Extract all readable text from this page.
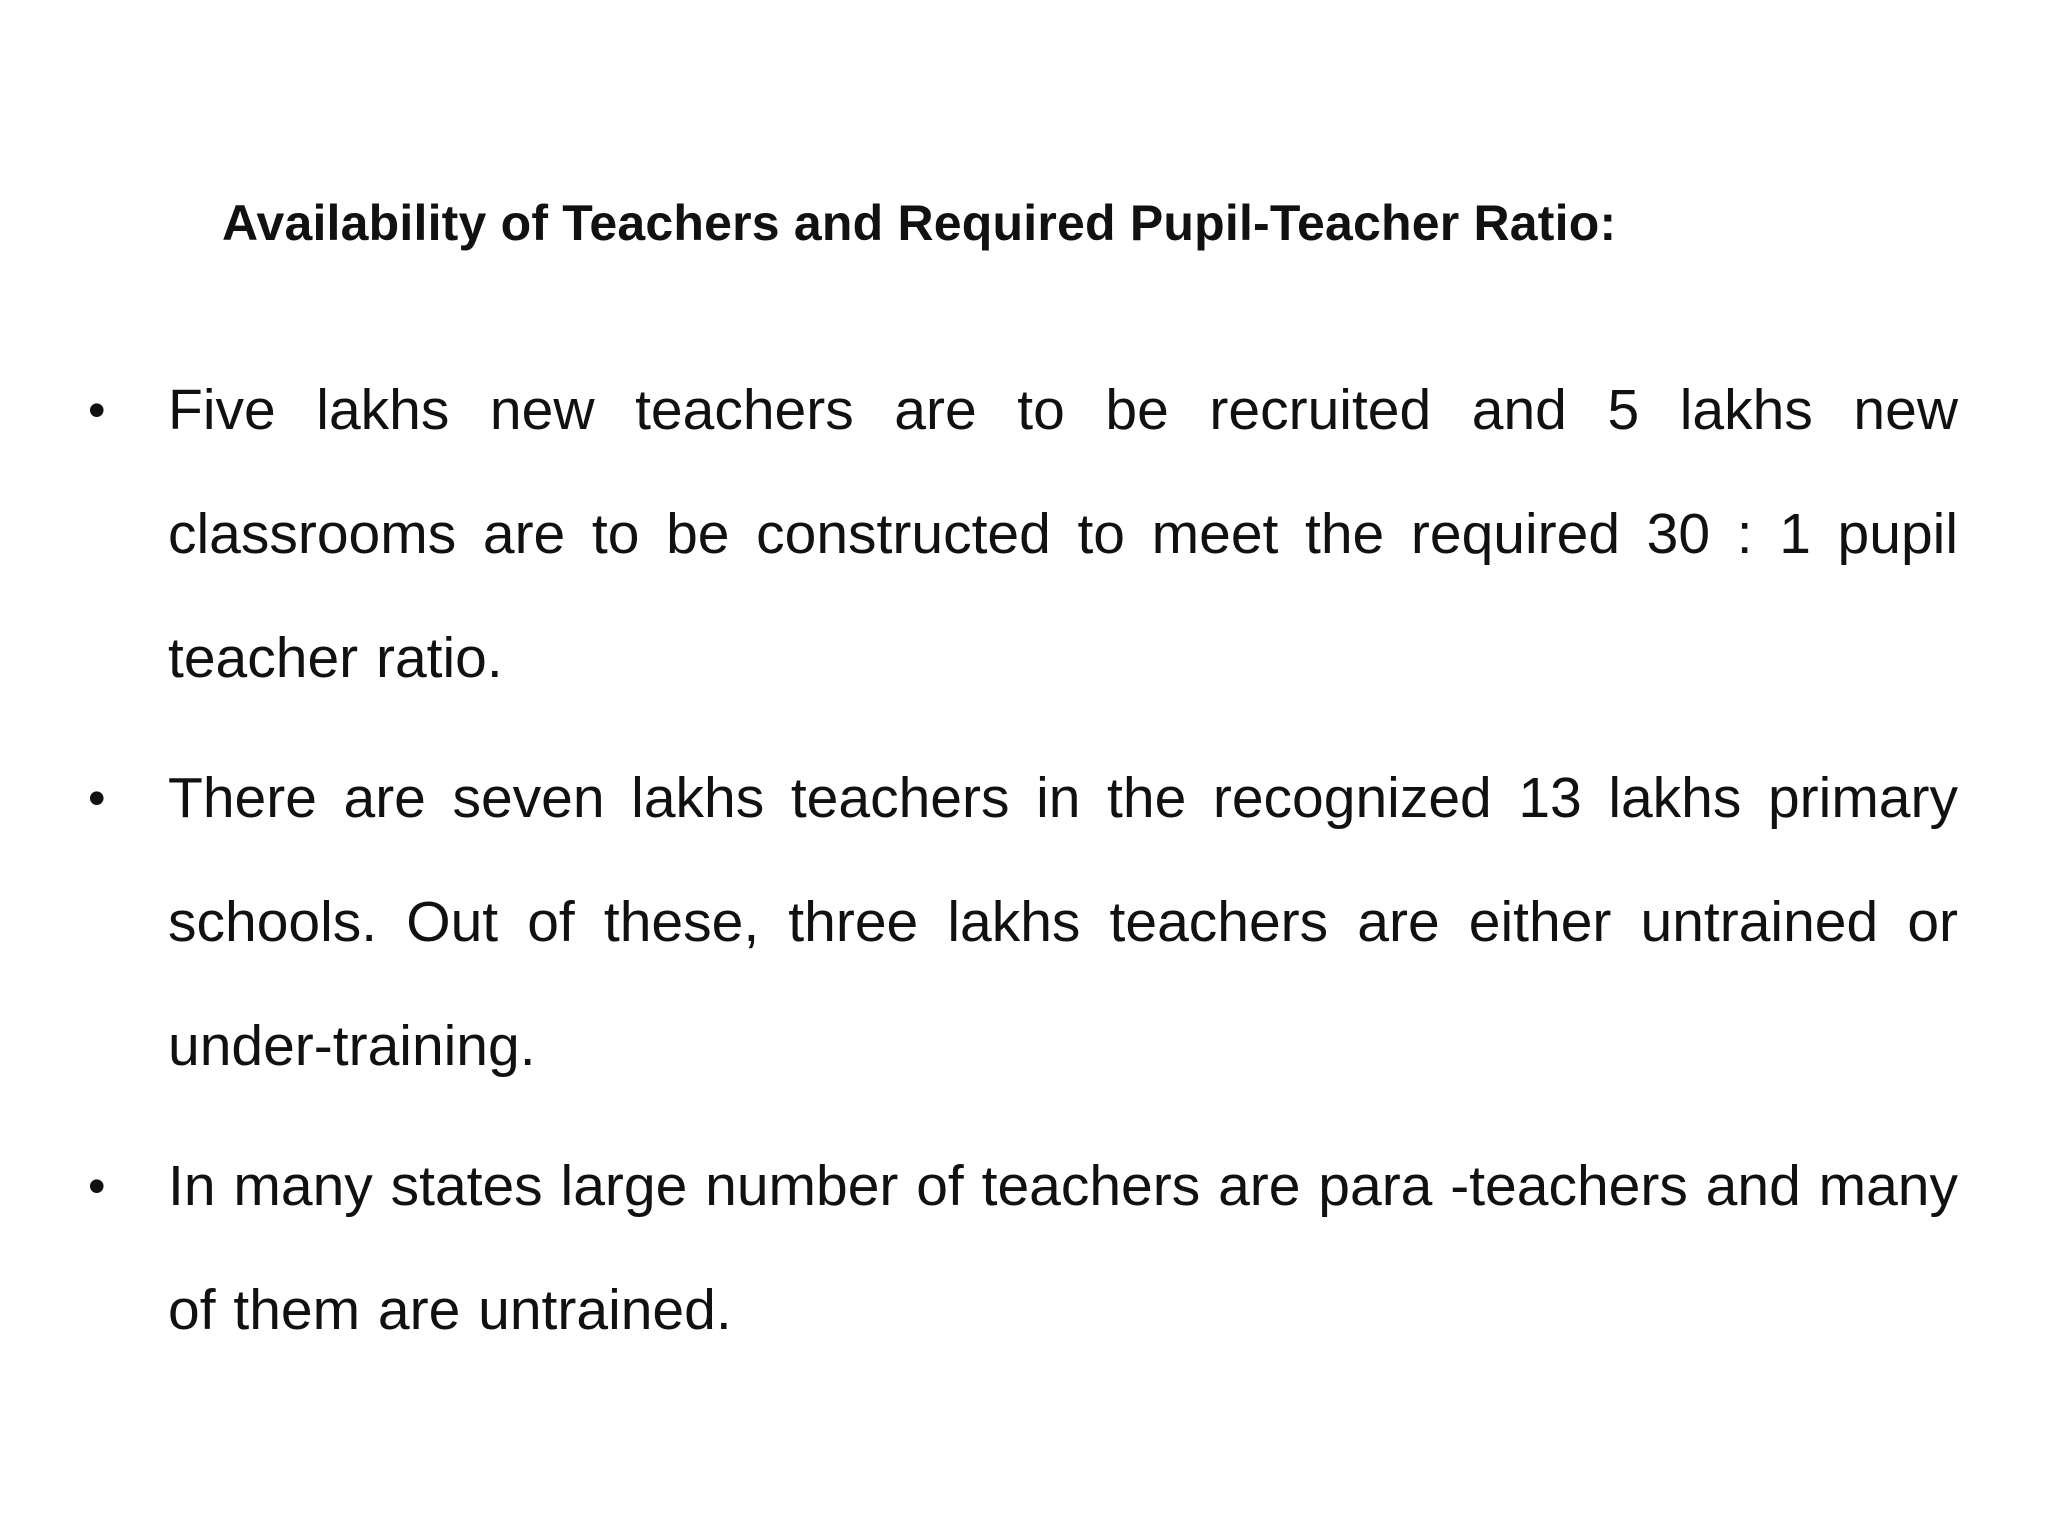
Availability of Teachers and Required Pupil-Teacher Ratio:
•	Five lakhs new teachers are to be recruited and 5 lakhs new classrooms are to be constructed to meet the required 30 : 1 pupil teacher ratio.
•	There are seven lakhs teachers in the recognized 13 lakhs primary schools. Out of these, three lakhs teachers are either untrained or under-training.
•	In many states large number of teachers are para -teachers and many of them are untrained.
